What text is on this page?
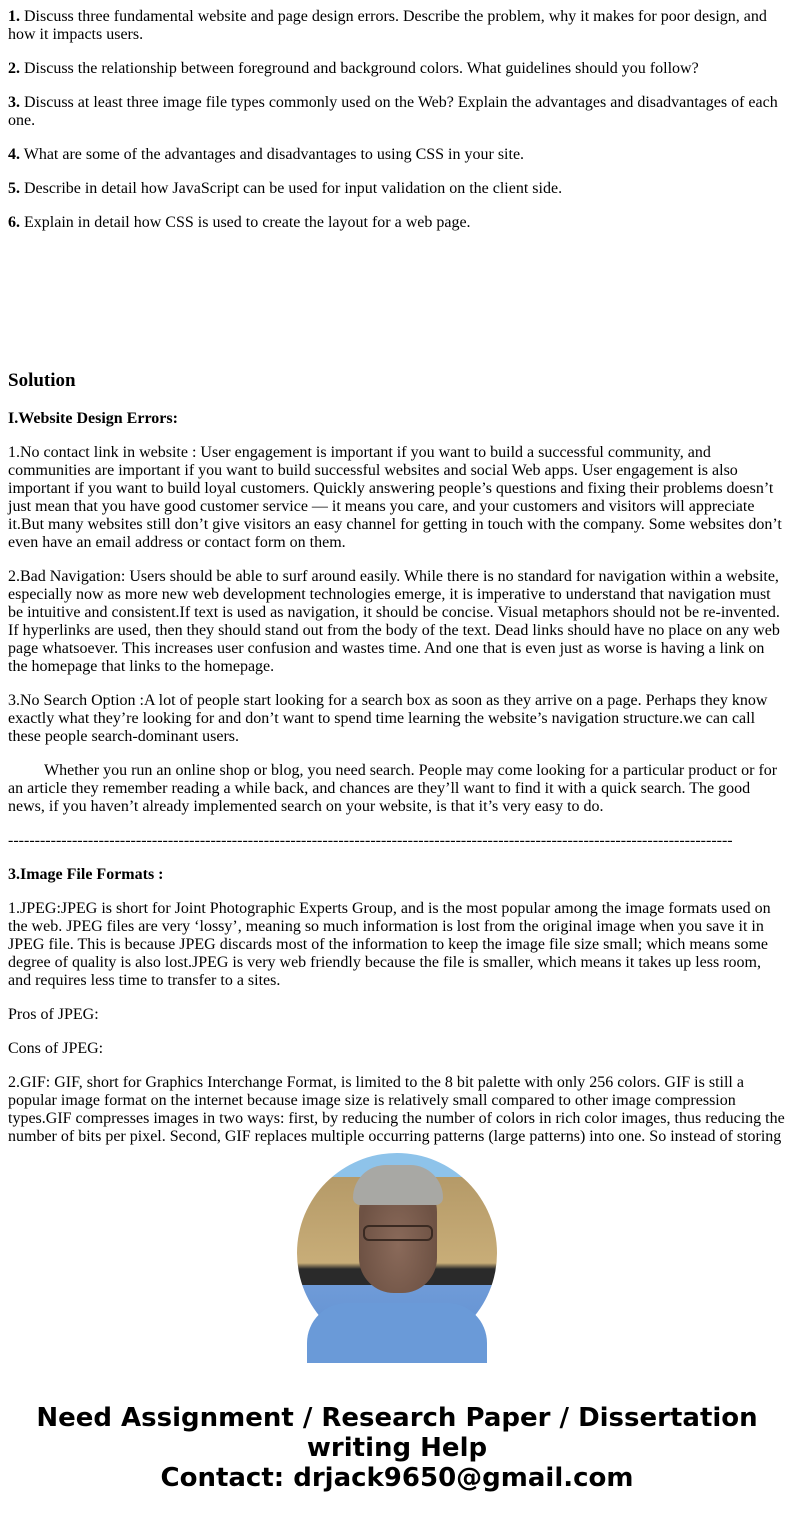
1. Discuss three fundamental website and page design errors. Describe the problem, why it makes for poor design, and how it impacts users.

2. Discuss the relationship between foreground and background colors. What guidelines should you follow?

3. Discuss at least three image file types commonly used on the Web? Explain the advantages and disadvantages of each one.

4. What are some of the advantages and disadvantages to using CSS in your site.

5. Describe in detail how JavaScript can be used for input validation on the client side.

6. Explain in detail how CSS is used to create the layout for a web page.

Solution

I.Website Design Errors:

1.No contact link in website : User engagement is important if you want to build a successful community, and communities are important if you want to build successful websites and social Web apps. User engagement is also important if you want to build loyal customers. Quickly answering people’s questions and fixing their problems doesn’t just mean that you have good customer service — it means you care, and your customers and visitors will appreciate it.But many websites still don’t give visitors an easy channel for getting in touch with the company. Some websites don’t even have an email address or contact form on them.

2.Bad Navigation: Users should be able to surf around easily. While there is no standard for navigation within a website, especially now as more new web development technologies emerge, it is imperative to understand that navigation must be intuitive and consistent.If text is used as navigation, it should be concise. Visual metaphors should not be re-invented. If hyperlinks are used, then they should stand out from the body of the text. Dead links should have no place on any web page whatsoever. This increases user confusion and wastes time. And one that is even just as worse is having a link on the homepage that links to the homepage.

3.No Search Option :A lot of people start looking for a search box as soon as they arrive on a page. Perhaps they know exactly what they’re looking for and don’t want to spend time learning the website’s navigation structure.we can call these people search-dominant users.

Whether you run an online shop or blog, you need search. People may come looking for a particular product or for an article they remember reading a while back, and chances are they’ll want to find it with a quick search. The good news, if you haven’t already implemented search on your website, is that it’s very easy to do.

----------------------------------------------------------------------------------------------------------------------------------------

3.Image File Formats :

1.JPEG:JPEG is short for Joint Photographic Experts Group, and is the most popular among the image formats used on the web. JPEG files are very ‘lossy’, meaning so much information is lost from the original image when you save it in JPEG file. This is because JPEG discards most of the information to keep the image file size small; which means some degree of quality is also lost.JPEG is very web friendly because the file is smaller, which means it takes up less room, and requires less time to transfer to a sites.

Pros of JPEG:

Cons of JPEG:

2.GIF: GIF, short for Graphics Interchange Format, is limited to the 8 bit palette with only 256 colors. GIF is still a popular image format on the internet because image size is relatively small compared to other image compression types.GIF compresses images in two ways: first, by reducing the number of colors in rich color images, thus reducing the number of bits per pixel. Second, GIF replaces multiple occurring patterns (large patterns) into one. So instead of storing

Need Assignment / Research Paper / Dissertation writing Help
Contact: drjack9650@gmail.com
